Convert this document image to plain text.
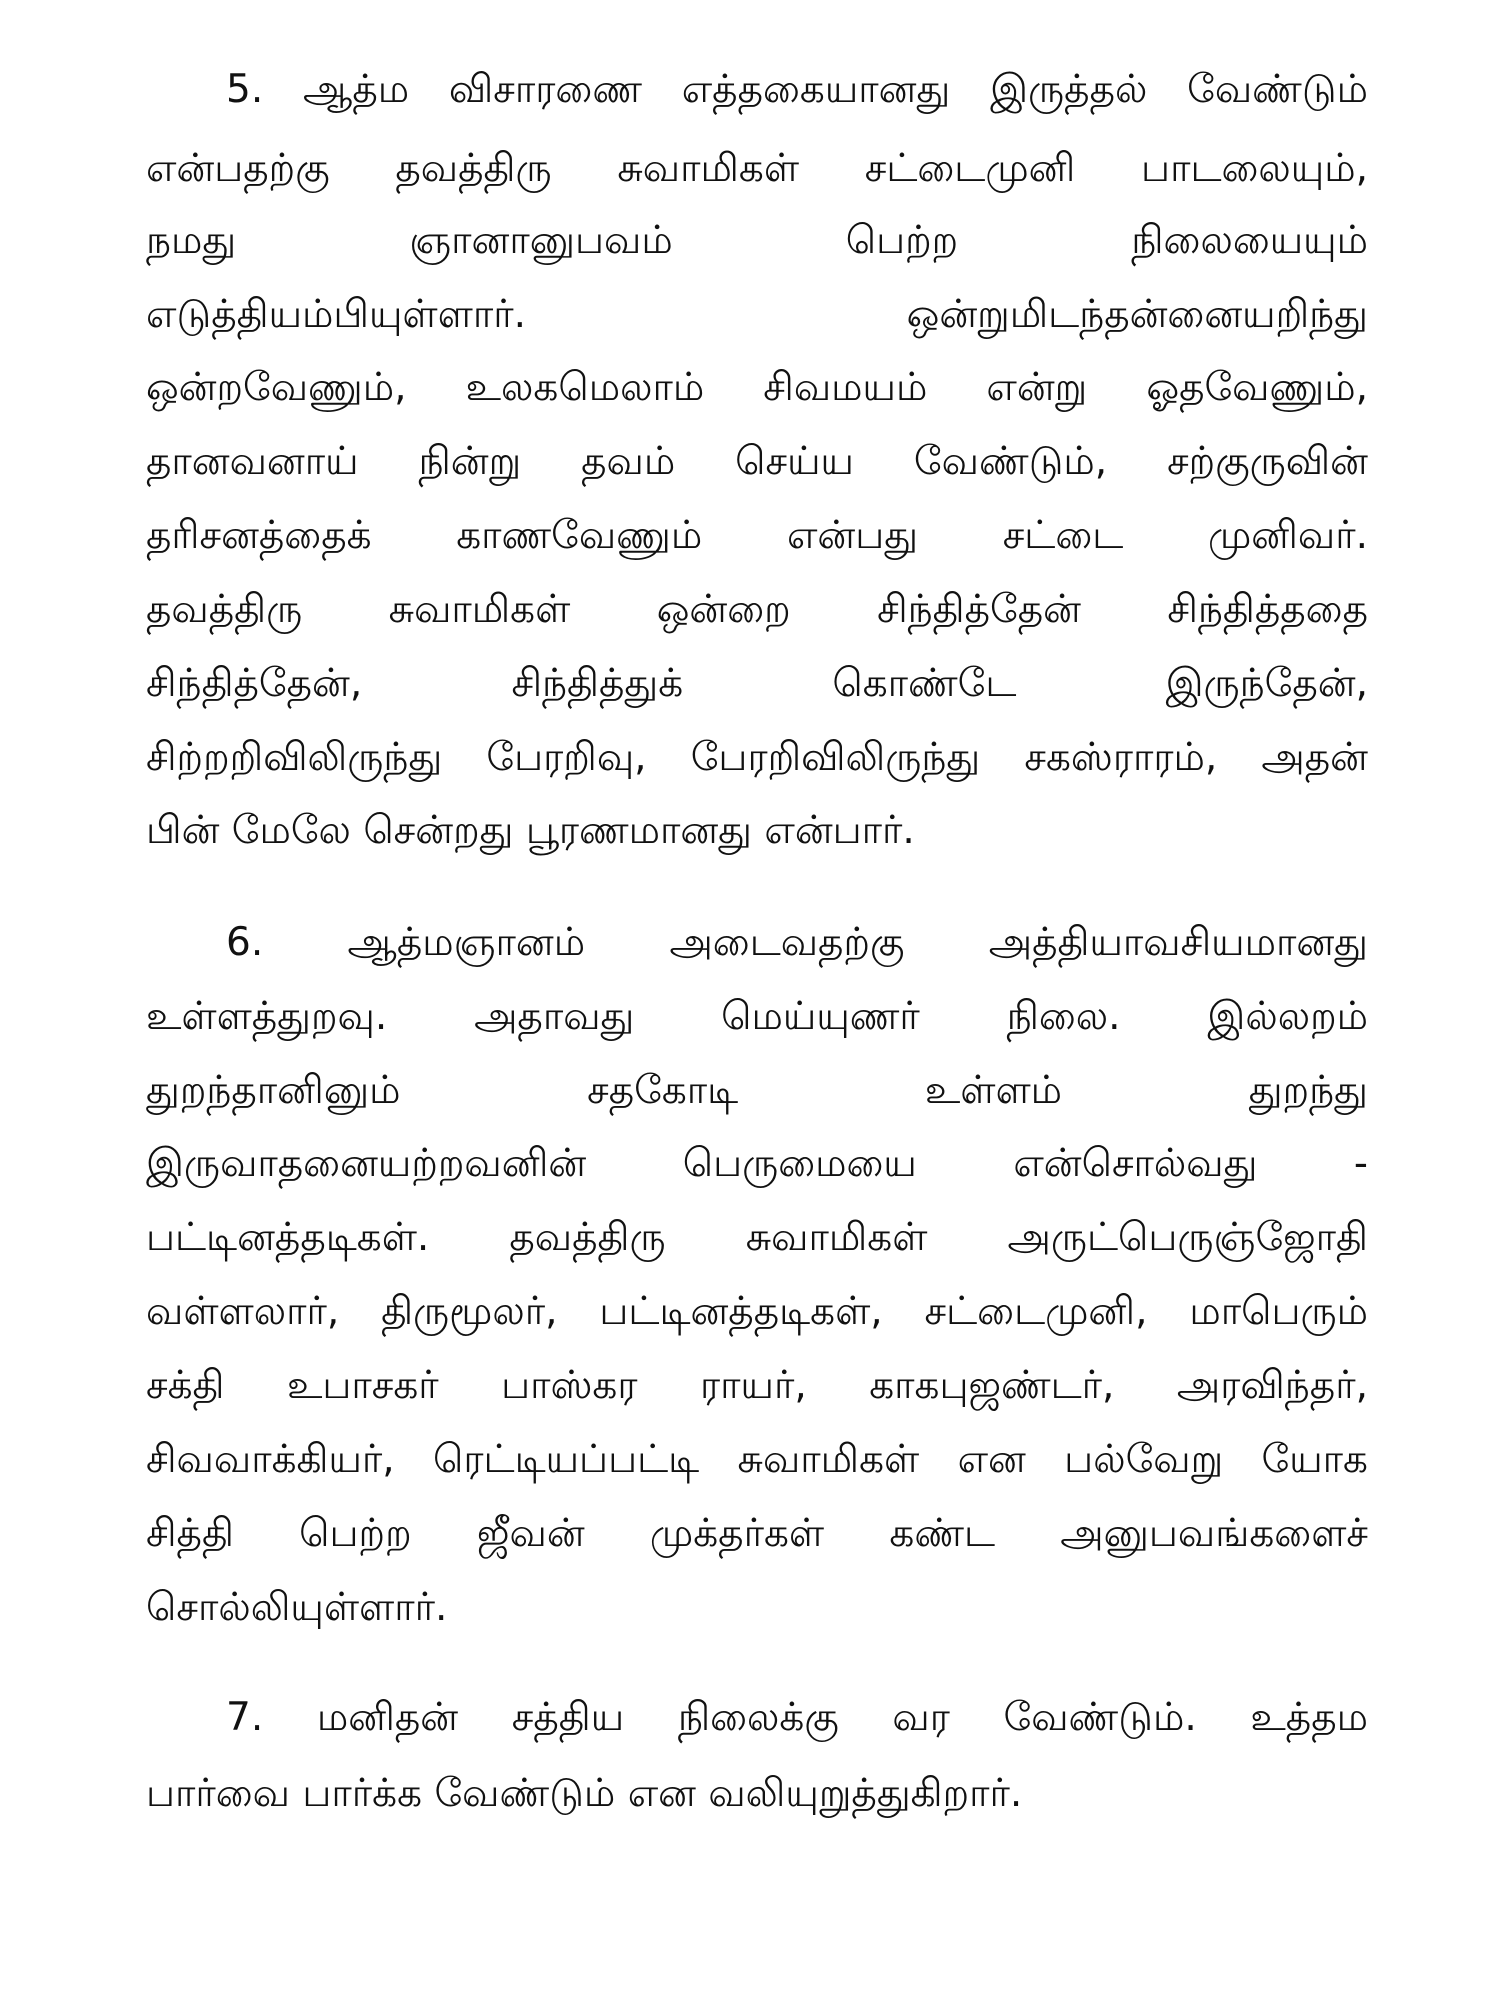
5. ஆத்ம விசாரணை எத்தகையானது இருத்தல் வேண்டும்
என்பதற்கு தவத்திரு சுவாமிகள் சட்டைமுனி பாடலையும்,
நமது ஞானானுபவம் பெற்ற நிலையையும்
எடுத்தியம்பியுள்ளார். ஒன்றுமிடந்தன்னையறிந்து
ஒன்றவேணும், உலகமெலாம் சிவமயம் என்று ஓதவேணும்,
தானவனாய் நின்று தவம் செய்ய வேண்டும், சற்குருவின்
தரிசனத்தைக் காணவேணும் என்பது சட்டை முனிவர்.
தவத்திரு சுவாமிகள் ஒன்றை சிந்தித்தேன் சிந்தித்ததை
சிந்தித்தேன், சிந்தித்துக் கொண்டே இருந்தேன்,
சிற்றறிவிலிருந்து பேரறிவு, பேரறிவிலிருந்து சகஸ்ராரம், அதன்
பின் மேலே சென்றது பூரணமானது என்பார்.
6. ஆத்மஞானம் அடைவதற்கு அத்தியாவசியமானது
உள்ளத்துறவு. அதாவது மெய்யுணர் நிலை. இல்லறம்
துறந்தானினும் சதகோடி உள்ளம் துறந்து
இருவாதனையற்றவனின் பெருமையை என்சொல்வது -
பட்டினத்தடிகள். தவத்திரு சுவாமிகள் அருட்பெருஞ்ஜோதி
வள்ளலார், திருமூலர், பட்டினத்தடிகள், சட்டைமுனி, மாபெரும்
சக்தி உபாசகர் பாஸ்கர ராயர், காகபுஜண்டர், அரவிந்தர்,
சிவவாக்கியர், ரெட்டியப்பட்டி சுவாமிகள் என பல்வேறு யோக
சித்தி பெற்ற ஜீவன் முக்தர்கள் கண்ட அனுபவங்களைச்
சொல்லியுள்ளார்.
7. மனிதன் சத்திய நிலைக்கு வர வேண்டும். உத்தம
பார்வை பார்க்க வேண்டும் என வலியுறுத்துகிறார்.
